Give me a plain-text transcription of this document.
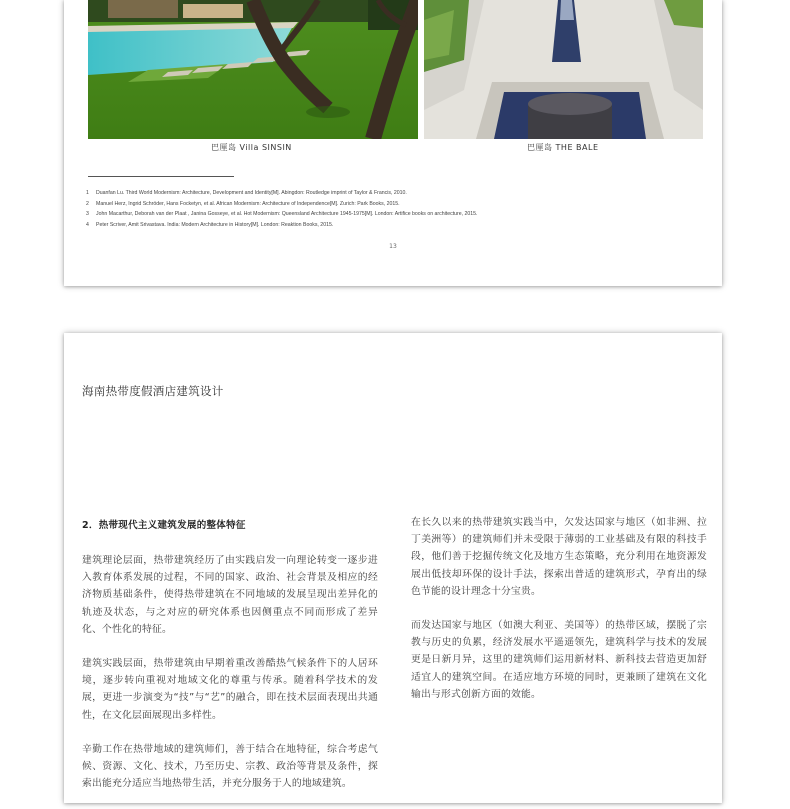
巴厘岛 Villa SINSIN	巴厘岛 THE BALE
1 Duanfan Lu. Third World Modernism: Architecture, Development and Identity[M]. Abingdon: Routledge imprint of Taylor & Francis, 2010.
2 Manuel Herz, Ingrid Schröder, Hans Focketyn, et al. African Modernism: Architecture of Independence[M]. Zurich: Park Books, 2015.
3 John Macarthur, Deborah van der Plaat , Janina Gosseye, et al. Hot Modernism: Queensland Architecture 1945-1975[M]. London: Artifice books on architecture, 2015.
4 Peter Scriver, Amit Srivastava. India: Modern Architecture in History[M]. London: Reaktion Books, 2015.
13
海南热带度假酒店建筑设计
2．热带现代主义建筑发展的整体特征

建筑理论层面，热带建筑经历了由实践启发一向理论转变一逐步进入教育体系发展的过程，不同的国家、政治、社会背景及相应的经济物质基础条件，使得热带建筑在不同地域的发展呈现出差异化的轨迹及状态，与之对应的研究体系也因侧重点不同而形成了差异化、个性化的特征。

建筑实践层面，热带建筑由早期着重改善酷热气候条件下的人居环境，逐步转向重视对地域文化的尊重与传承。随着科学技术的发展，更进一步演变为“技”与“艺”的融合，即在技术层面表现出共通性，在文化层面展现出多样性。

辛勤工作在热带地域的建筑师们，善于结合在地特征，综合考虑气候、资源、文化、技术，乃至历史、宗教、政治等背景及条件，探索出能充分适应当地热带生活，并充分服务于人的地域建筑。

在长久以来的热带建筑实践当中，欠发达国家与地区（如非洲、拉丁美洲等）的建筑师们并未受限于薄弱的工业基础及有限的科技手段，他们善于挖掘传统文化及地方生态策略，充分利用在地资源发展出低技却环保的设计手法，探索出普适的建筑形式，孕育出的绿色节能的设计理念十分宝贵。

而发达国家与地区（如澳大利亚、美国等）的热带区域，摆脱了宗教与历史的负累，经济发展水平遥遥领先，建筑科学与技术的发展更是日新月异，这里的建筑师们运用新材料、新科技去营造更加舒适宜人的建筑空间。在适应地方环境的同时，更兼顾了建筑在文化输出与形式创新方面的效能。
